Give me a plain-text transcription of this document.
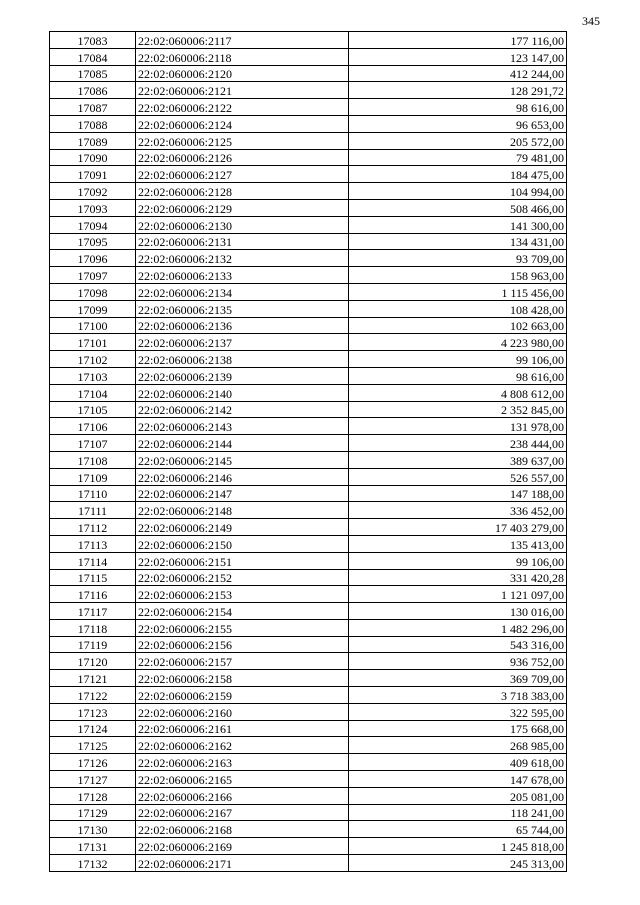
345
17083	22:02:060006:2117	177 116,00
17084	22:02:060006:2118	123 147,00
17085	22:02:060006:2120	412 244,00
17086	22:02:060006:2121	128 291,72
17087	22:02:060006:2122	98 616,00
17088	22:02:060006:2124	96 653,00
17089	22:02:060006:2125	205 572,00
17090	22:02:060006:2126	79 481,00
17091	22:02:060006:2127	184 475,00
17092	22:02:060006:2128	104 994,00
17093	22:02:060006:2129	508 466,00
17094	22:02:060006:2130	141 300,00
17095	22:02:060006:2131	134 431,00
17096	22:02:060006:2132	93 709,00
17097	22:02:060006:2133	158 963,00
17098	22:02:060006:2134	1 115 456,00
17099	22:02:060006:2135	108 428,00
17100	22:02:060006:2136	102 663,00
17101	22:02:060006:2137	4 223 980,00
17102	22:02:060006:2138	99 106,00
17103	22:02:060006:2139	98 616,00
17104	22:02:060006:2140	4 808 612,00
17105	22:02:060006:2142	2 352 845,00
17106	22:02:060006:2143	131 978,00
17107	22:02:060006:2144	238 444,00
17108	22:02:060006:2145	389 637,00
17109	22:02:060006:2146	526 557,00
17110	22:02:060006:2147	147 188,00
17111	22:02:060006:2148	336 452,00
17112	22:02:060006:2149	17 403 279,00
17113	22:02:060006:2150	135 413,00
17114	22:02:060006:2151	99 106,00
17115	22:02:060006:2152	331 420,28
17116	22:02:060006:2153	1 121 097,00
17117	22:02:060006:2154	130 016,00
17118	22:02:060006:2155	1 482 296,00
17119	22:02:060006:2156	543 316,00
17120	22:02:060006:2157	936 752,00
17121	22:02:060006:2158	369 709,00
17122	22:02:060006:2159	3 718 383,00
17123	22:02:060006:2160	322 595,00
17124	22:02:060006:2161	175 668,00
17125	22:02:060006:2162	268 985,00
17126	22:02:060006:2163	409 618,00
17127	22:02:060006:2165	147 678,00
17128	22:02:060006:2166	205 081,00
17129	22:02:060006:2167	118 241,00
17130	22:02:060006:2168	65 744,00
17131	22:02:060006:2169	1 245 818,00
17132	22:02:060006:2171	245 313,00
